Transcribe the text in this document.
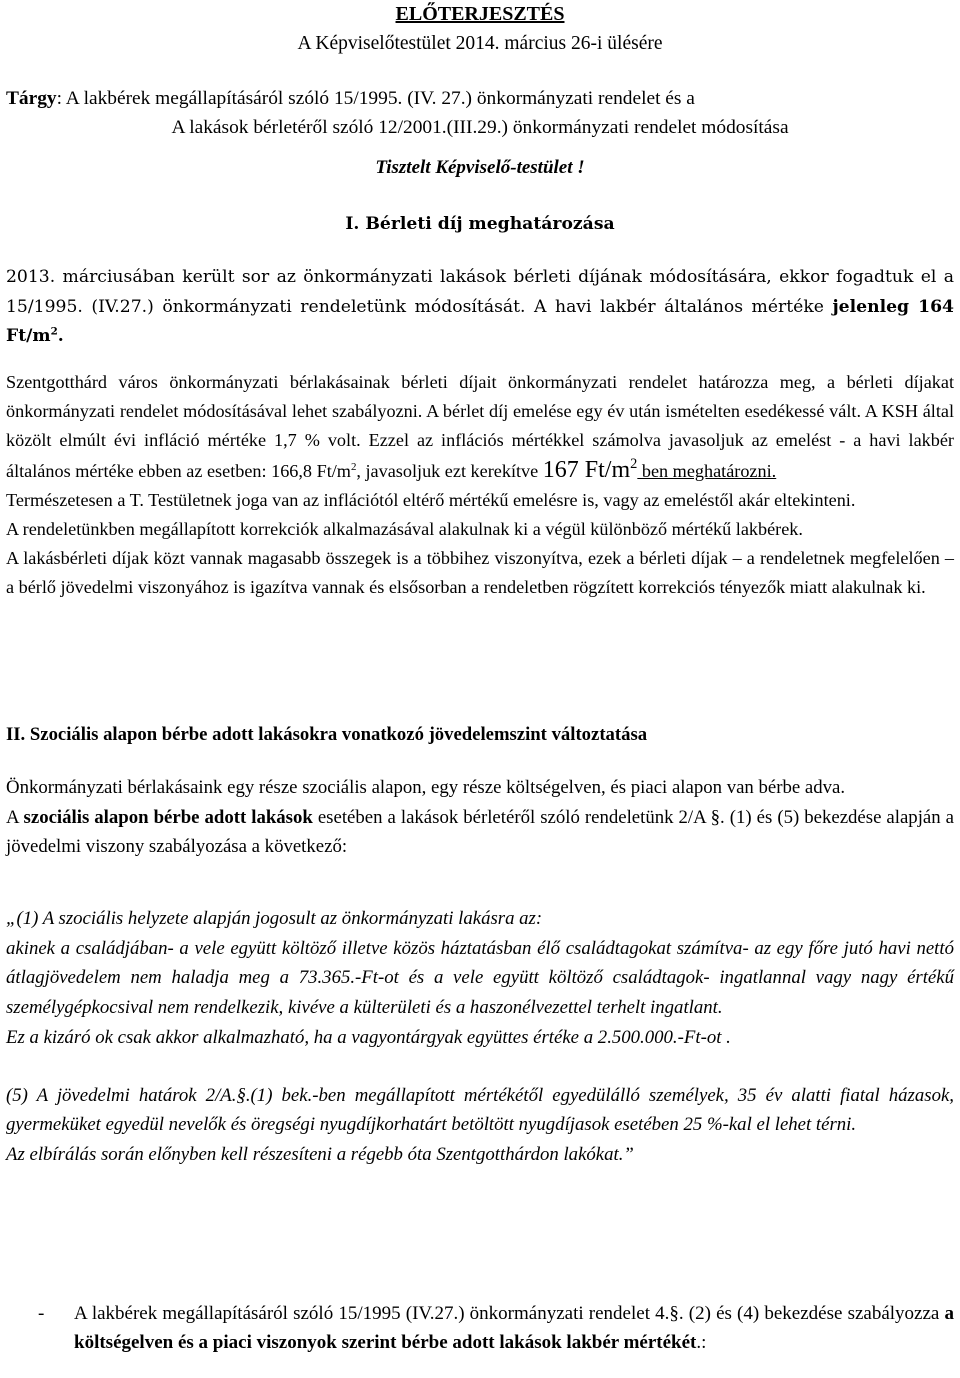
ELŐTERJESZTÉS
A Képviselőtestület 2014. március 26-i ülésére
Tárgy: A lakbérek megállapításáról szóló 15/1995. (IV. 27.) önkormányzati rendelet és a
A lakások bérletéről szóló 12/2001.(III.29.) önkormányzati rendelet módosítása
Tisztelt Képviselő-testület !
I. Bérleti díj meghatározása

2013. márciusában került sor az önkormányzati lakások bérleti díjának módosítására, ekkor fogadtuk el a 15/1995. (IV.27.) önkormányzati rendeletünk módosítását. A havi lakbér általános mértéke jelenleg 164 $Ft/m^2$.

Szentgotthárd város önkormányzati bérlakásainak bérleti díjait önkormányzati rendelet határozza meg, a bérleti díjakat önkormányzati rendelet módosításával lehet szabályozni. A bérlet díj emelése egy év után ismételten esedékessé vált. A KSH által közölt elmúlt évi infláció mértéke 1,7 % volt. Ezzel az inflációs mértékkel számolva javasoljuk az emelést - a havi lakbér általános mértéke ebben az esetben: 166,8 $Ft/m^2$, javasoljuk ezt kerekítve 167 $Ft/m^2$ ben meghatározni.

Természetesen a T. Testületnek joga van az inflációtól eltérő mértékű emelésre is, vagy az emeléstől akár eltekinteni.

A rendeletünkben megállapított korrekciók alkalmazásával alakulnak ki a végül különböző mértékű lakbérek.

A lakásbérleti díjak közt vannak magasabb összegek is a többihez viszonyítva, ezek a bérleti díjak – a rendeletnek megfelelően – a bérlő jövedelmi viszonyához is igazítva vannak és elsősorban a rendeletben rögzített korrekciós tényezők miatt alakulnak ki.

II. Szociális alapon bérbe adott lakásokra vonatkozó jövedelemszint változtatása

Önkormányzati bérlakásaink egy része szociális alapon, egy része költségelven, és piaci alapon van bérbe adva.

A szociális alapon bérbe adott lakások esetében a lakások bérletéről szóló rendeletünk 2/A §. (1) és (5) bekezdése alapján a jövedelmi viszony szabályozása a következő:

„(1) A szociális helyzete alapján jogosult az önkormányzati lakásra az:

akinek a családjában- a vele együtt költöző illetve közös háztatásban élő családtagokat számítva- az egy főre jutó havi nettó átlagjövedelem nem haladja meg a 73.365.-Ft-ot és a vele együtt költöző családtagok- ingatlannal vagy nagy értékű személygépkocsival nem rendelkezik, kivéve a külterületi és a haszonélvezettel terhelt ingatlant.

Ez a kizáró ok csak akkor alkalmazható, ha a vagyontárgyak együttes értéke a 2.500.000.-Ft-ot .

(5) A jövedelmi határok 2/A.§.(1) bek.-ben megállapított mértékétől egyedülálló személyek, 35 év alatti fiatal házasok, gyermeküket egyedül nevelők és öregségi nyugdíjkorhatárt betöltött nyugdíjasok esetében 25 %-kal el lehet térni.

Az elbírálás során előnyben kell részesíteni a régebb óta Szentgotthárdon lakókat.”

-	A lakbérek megállapításáról szóló 15/1995 (IV.27.) önkormányzati rendelet 4.§. (2) és (4) bekezdése szabályozza a költségelven és a piaci viszonyok szerint bérbe adott lakások lakbér mértékét.:
